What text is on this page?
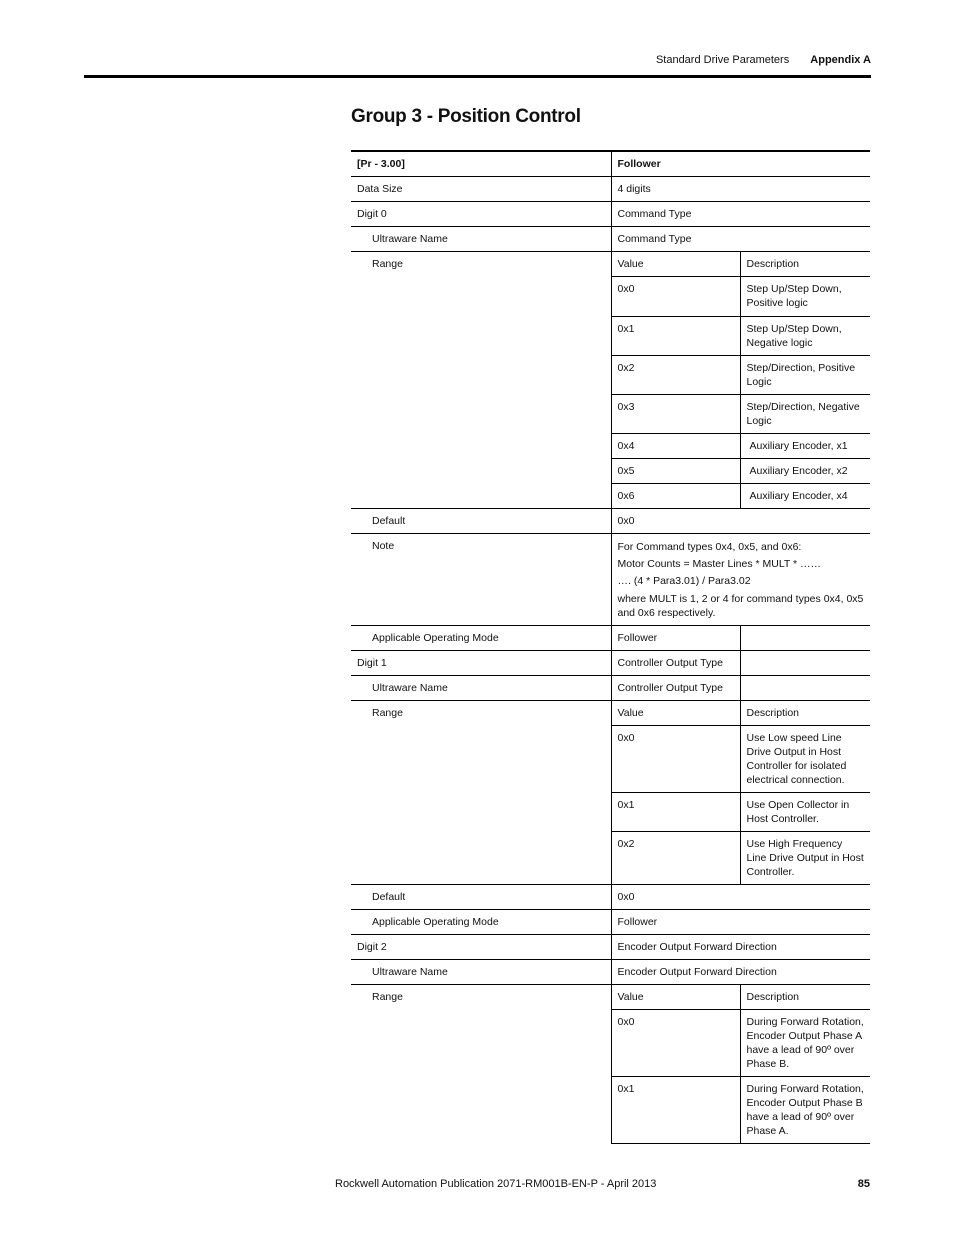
Standard Drive Parameters Appendix A
Group 3 - Position Control
[Pr - 3.00]	Follower	
Data Size	4 digits	
Digit 0	Command Type	
Ultraware Name	Command Type	
Range	Value	Description
	0x0	Step Up/Step Down, Positive logic
	0x1	Step Up/Step Down, Negative logic
	0x2	Step/Direction, Positive Logic
	0x3	Step/Direction, Negative Logic
	0x4	Auxiliary Encoder, x1
	0x5	Auxiliary Encoder, x2
	0x6	Auxiliary Encoder, x4
Default	0x0	
Note	For Command types 0x4, 0x5, and 0x6:
Motor Counts = Master Lines * MULT * ……
…. (4 * Para3.01) / Para3.02
where MULT is 1, 2 or 4 for command types 0x4, 0x5 and 0x6 respectively.	

Applicable Operating Mode	Follower	
Digit 1	Controller Output Type	
Ultraware Name	Controller Output Type	
Range	Value	Description
	0x0	Use Low speed Line Drive Output in Host Controller for isolated electrical connection.
	0x1	Use Open Collector in Host Controller.
	0x2	Use High Frequency Line Drive Output in Host Controller.
Default	0x0	
Applicable Operating Mode	Follower	
Digit 2	Encoder Output Forward Direction	
Ultraware Name	Encoder Output Forward Direction	
Range	Value	Description
	0x0	During Forward Rotation, Encoder Output Phase A have a lead of 90º over Phase B.
	0x1	During Forward Rotation, Encoder Output Phase B have a lead of 90º over Phase A.
Rockwell Automation Publication 2071-RM001B-EN-P - April 2013	85
